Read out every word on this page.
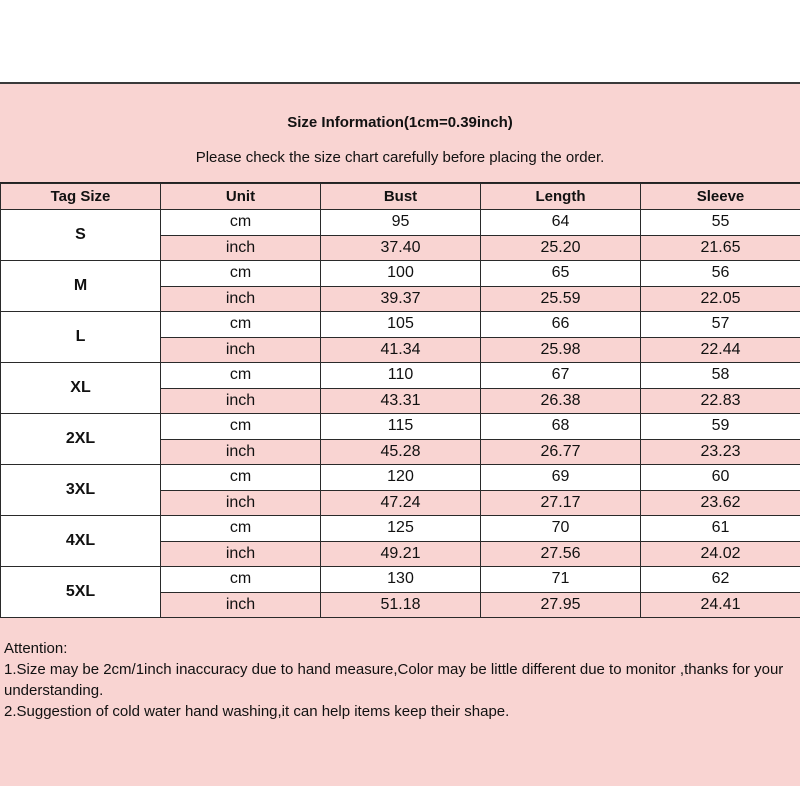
Size Information(1cm=0.39inch)
Please check the size chart carefully before placing the order.
Tag Size	Unit	Bust	Length	Sleeve
S	cm	95	64	55
	inch	37.40	25.20	21.65
M	cm	100	65	56
	inch	39.37	25.59	22.05
L	cm	105	66	57
	inch	41.34	25.98	22.44
XL	cm	110	67	58
	inch	43.31	26.38	22.83
2XL	cm	115	68	59
	inch	45.28	26.77	23.23
3XL	cm	120	69	60
	inch	47.24	27.17	23.62
4XL	cm	125	70	61
	inch	49.21	27.56	24.02
5XL	cm	130	71	62
	inch	51.18	27.95	24.41
Attention:
1.Size may be 2cm/1inch inaccuracy due to hand measure,Color may be little different due to monitor ,thanks for your understanding.
2.Suggestion of cold water hand washing,it can help items keep their shape.
